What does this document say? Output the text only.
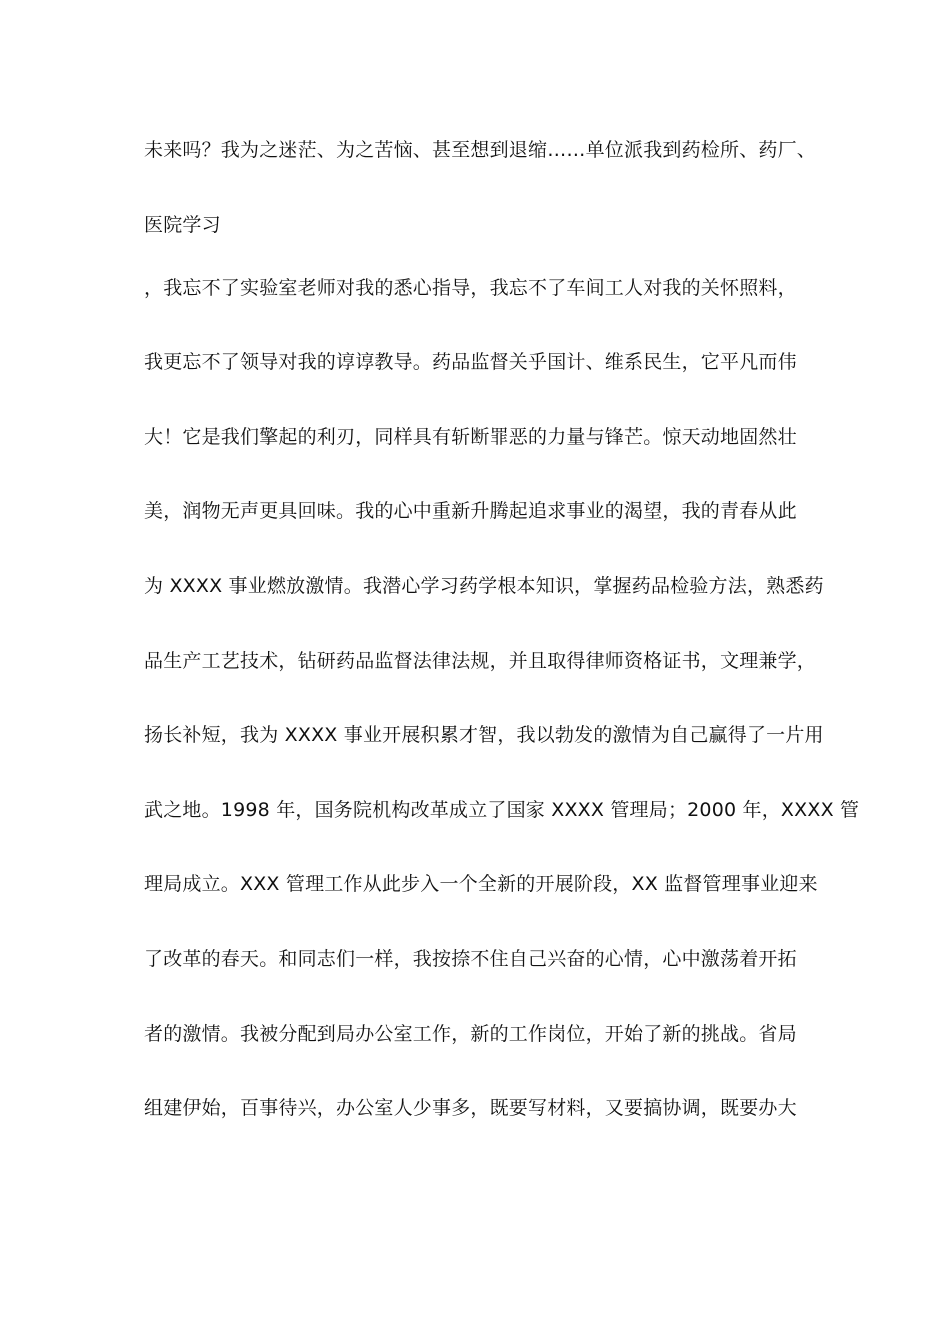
未来吗？我为之迷茫、为之苦恼、甚至想到退缩……单位派我到药检所、药厂、
医院学习
，我忘不了实验室老师对我的悉心指导，我忘不了车间工人对我的关怀照料，
我更忘不了领导对我的谆谆教导。药品监督关乎国计、维系民生，它平凡而伟
大！它是我们擎起的利刃，同样具有斩断罪恶的力量与锋芒。惊天动地固然壮
美，润物无声更具回味。我的心中重新升腾起追求事业的渴望，我的青春从此
为 XXXX 事业燃放激情。我潜心学习药学根本知识，掌握药品检验方法，熟悉药
品生产工艺技术，钻研药品监督法律法规，并且取得律师资格证书，文理兼学，
扬长补短，我为 XXXX 事业开展积累才智，我以勃发的激情为自己赢得了一片用
武之地。1998 年，国务院机构改革成立了国家 XXXX 管理局；2000 年，XXXX 管
理局成立。XXX 管理工作从此步入一个全新的开展阶段，XX 监督管理事业迎来
了改革的春天。和同志们一样，我按捺不住自己兴奋的心情，心中激荡着开拓
者的激情。我被分配到局办公室工作，新的工作岗位，开始了新的挑战。省局
组建伊始，百事待兴，办公室人少事多，既要写材料，又要搞协调，既要办大
